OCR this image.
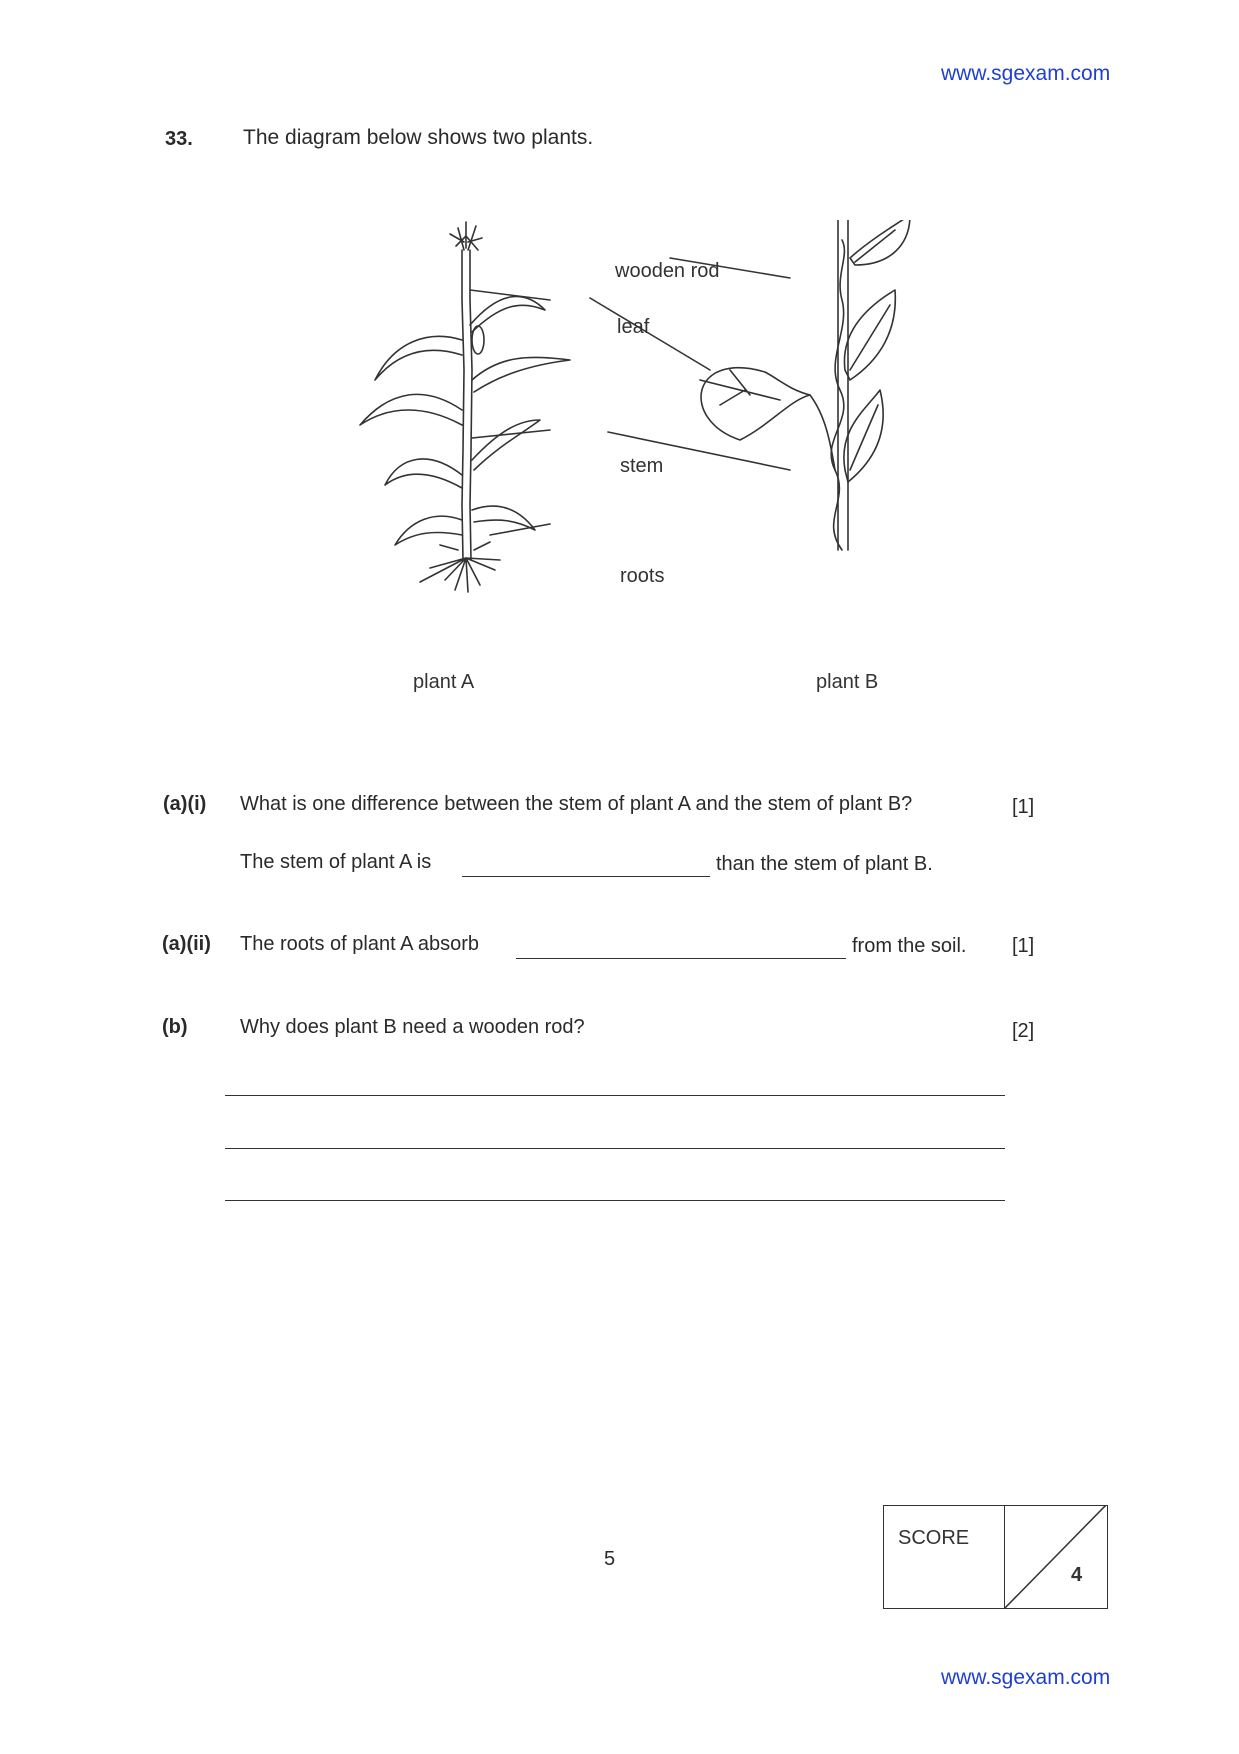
www.sgexam.com
33. The diagram below shows two plants.
wooden rod
leaf
stem
roots
plant A	plant B
(a)(i) What is one difference between the stem of plant A and the stem of plant B?	[1]
The stem of plant A is	than the stem of plant B.
(a)(ii) The roots of plant A absorb	from the soil. [1]
(b)	Why does plant B need a wooden rod?	[2]
5
SCORE
4
www.sgexam.com
